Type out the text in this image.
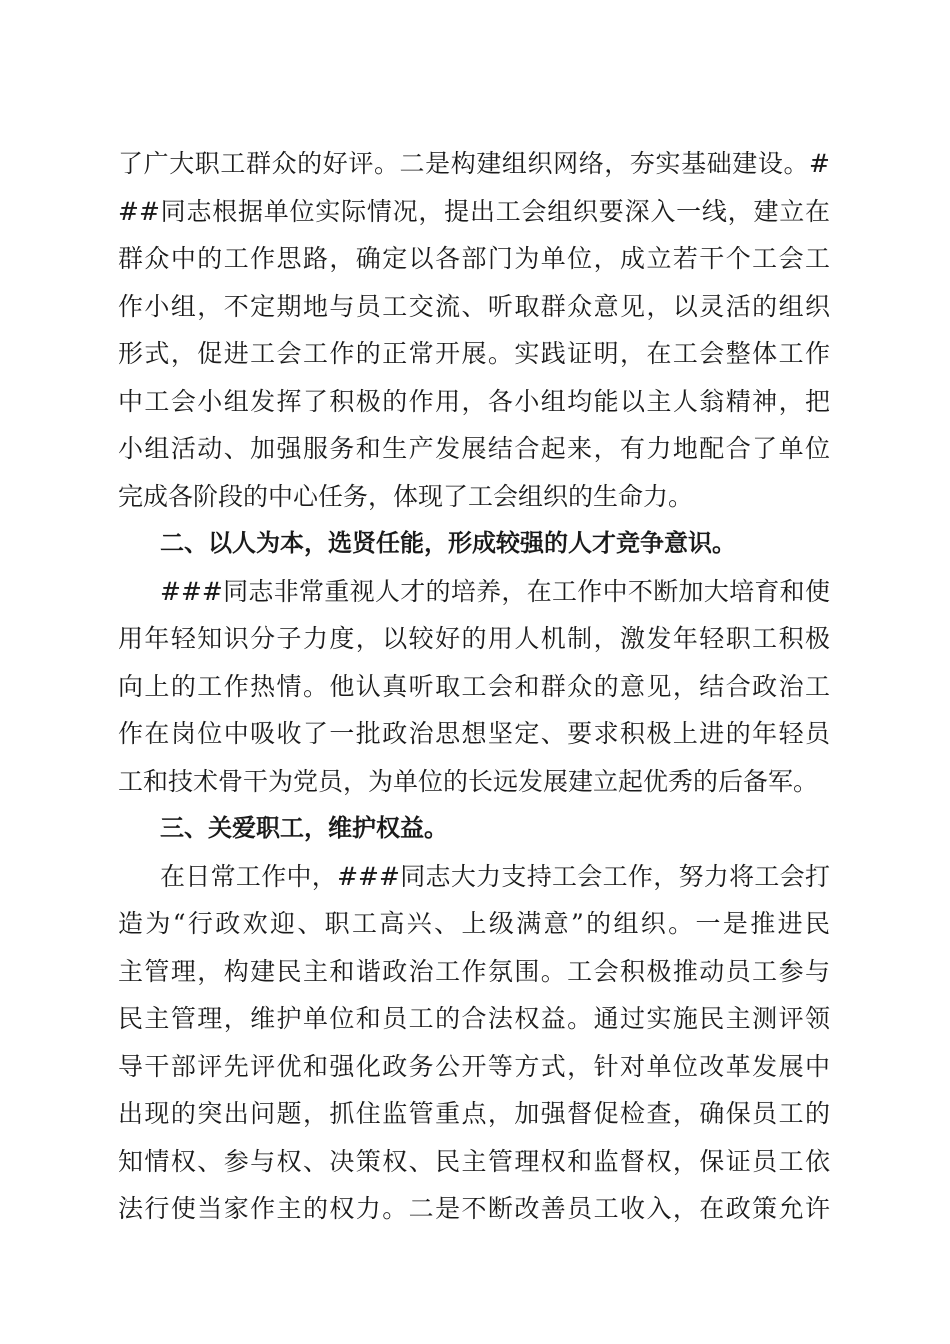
了广大职工群众的好评。二是构建组织网络，夯实基础建设。#
##同志根据单位实际情况，提出工会组织要深入一线，建立在
群众中的工作思路，确定以各部门为单位，成立若干个工会工
作小组，不定期地与员工交流、听取群众意见，以灵活的组织
形式，促进工会工作的正常开展。实践证明，在工会整体工作
中工会小组发挥了积极的作用，各小组均能以主人翁精神，把
小组活动、加强服务和生产发展结合起来，有力地配合了单位
完成各阶段的中心任务，体现了工会组织的生命力。
二、以人为本，选贤任能，形成较强的人才竞争意识。
###同志非常重视人才的培养，在工作中不断加大培育和使
用年轻知识分子力度，以较好的用人机制，激发年轻职工积极
向上的工作热情。他认真听取工会和群众的意见，结合政治工
作在岗位中吸收了一批政治思想坚定、要求积极上进的年轻员
工和技术骨干为党员，为单位的长远发展建立起优秀的后备军。
三、关爱职工，维护权益。
在日常工作中，###同志大力支持工会工作，努力将工会打
造为“行政欢迎、职工高兴、上级满意”的组织。一是推进民
主管理，构建民主和谐政治工作氛围。工会积极推动员工参与
民主管理，维护单位和员工的合法权益。通过实施民主测评领
导干部评先评优和强化政务公开等方式，针对单位改革发展中
出现的突出问题，抓住监管重点，加强督促检查，确保员工的
知情权、参与权、决策权、民主管理权和监督权，保证员工依
法行使当家作主的权力。二是不断改善员工收入，在政策允许
